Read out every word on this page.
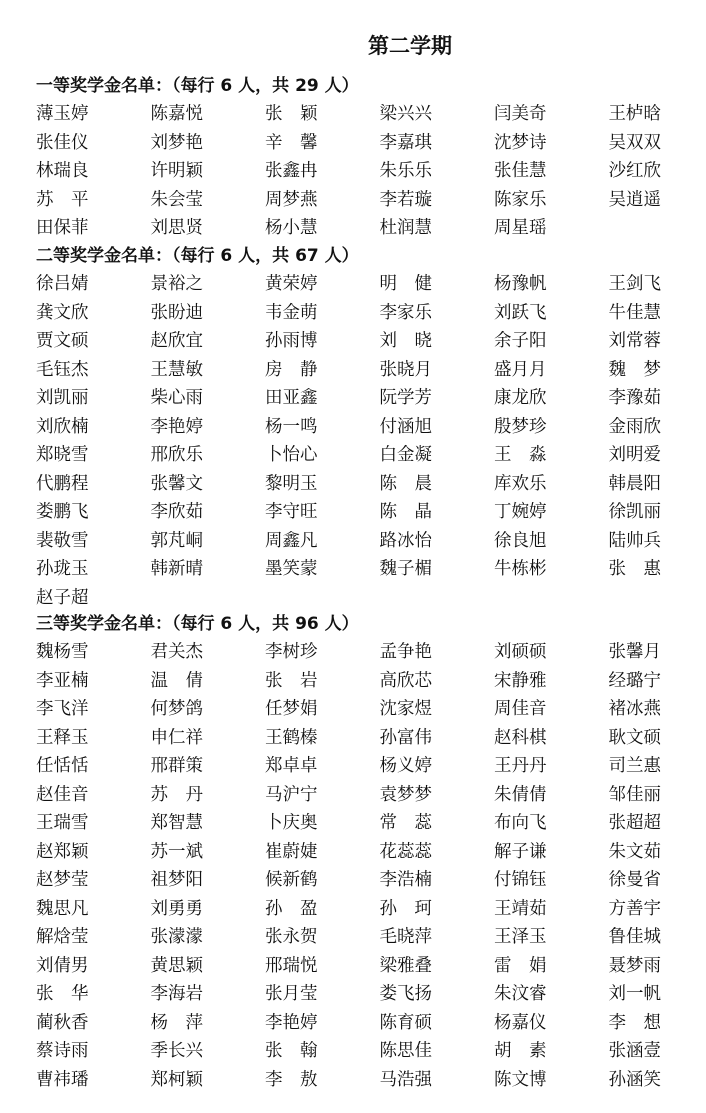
第二学期
一等奖学金名单：（每行 6 人，共 29 人）
薄玉婷	陈嘉悦	张　颖	梁兴兴	闫美奇	王栌晗
张佳仪	刘梦艳	辛　馨	李嘉琪	沈梦诗	吴双双
林瑞良	许明颖	张鑫冉	朱乐乐	张佳慧	沙红欣
苏　平	朱会莹	周梦燕	李若璇	陈家乐	吴逍遥
田保菲	刘思贤	杨小慧	杜润慧	周星瑶
二等奖学金名单：（每行 6 人，共 67 人）
徐吕婧	景裕之	黄荣婷	明　健	杨豫帆	王剑飞
龚文欣	张盼迪	韦金萌	李家乐	刘跃飞	牛佳慧
贾文硕	赵欣宜	孙雨博	刘　晓	余子阳	刘常蓉
毛钰杰	王慧敏	房　静	张晓月	盛月月	魏　梦
刘凯丽	柴心雨	田亚鑫	阮学芳	康龙欣	李豫茹
刘欣楠	李艳婷	杨一鸣	付涵旭	殷梦珍	金雨欣
郑晓雪	邢欣乐	卜怡心	白金凝	王　淼	刘明爱
代鹏程	张馨文	黎明玉	陈　晨	库欢乐	韩晨阳
娄鹏飞	李欣茹	李守旺	陈　晶	丁婉婷	徐凯丽
裴敬雪	郭芃峒	周鑫凡	路冰怡	徐良旭	陆帅兵
孙珑玉	韩新晴	墨笑蒙	魏子楣	牛栋彬	张　惠
赵子超
三等奖学金名单：（每行 6 人，共 96 人）
魏杨雪	君关杰	李树珍	孟争艳	刘硕硕	张馨月
李亚楠	温　倩	张　岩	高欣芯	宋静雅	经璐宁
李飞洋	何梦鸽	任梦娟	沈家煜	周佳音	褚冰燕
王释玉	申仁祥	王鹤榛	孙富伟	赵科棋	耿文硕
任恬恬	邢群策	郑卓卓	杨义婷	王丹丹	司兰惠
赵佳音	苏　丹	马沪宁	袁梦梦	朱倩倩	邹佳丽
王瑞雪	郑智慧	卜庆奥	常　蕊	布向飞	张超超
赵郑颖	苏一斌	崔蔚婕	花蕊蕊	解子谦	朱文茹
赵梦莹	祖梦阳	候新鹤	李浩楠	付锦钰	徐曼省
魏思凡	刘勇勇	孙　盈	孙　珂	王靖茹	方善宇
解焓莹	张濛濛	张永贺	毛晓萍	王泽玉	鲁佳城
刘倩男	黄思颖	邢瑞悦	梁雅叠	雷　娟	聂梦雨
张　华	李海岩	张月莹	娄飞扬	朱汶睿	刘一帆
蔺秋香	杨　萍	李艳婷	陈育硕	杨嘉仪	李　想
蔡诗雨	季长兴	张　翰	陈思佳	胡　素	张涵壹
曹祎璠	郑柯颖	李　敖	马浩强	陈文博	孙涵笑
